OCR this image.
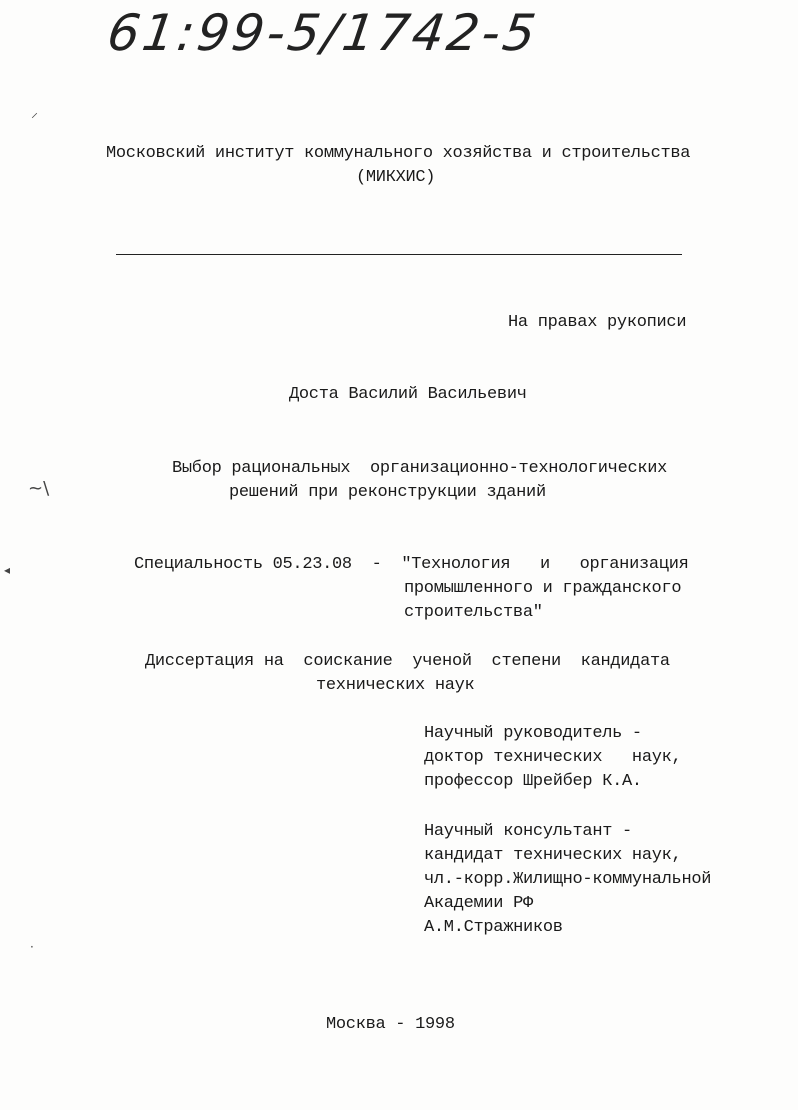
61:99-5/1742-5
⸝
~\
◂
·
Московский институт коммунального хозяйства и строительства
(МИКХИС)
На правах рукописи
Доста Василий Васильевич
Выбор рациональных  организационно-технологических
решений при реконструкции зданий
Специальность 05.23.08  -  "Технология   и   организация
промышленного и гражданского
строительства"
Диссертация на  соискание  ученой  степени  кандидата
технических наук
Научный руководитель -
доктор технических   наук,
профессор Шрейбер К.А.
Научный консультант -
кандидат технических наук,
чл.-корр.Жилищно-коммунальной
Академии РФ
А.М.Стражников
Москва - 1998
